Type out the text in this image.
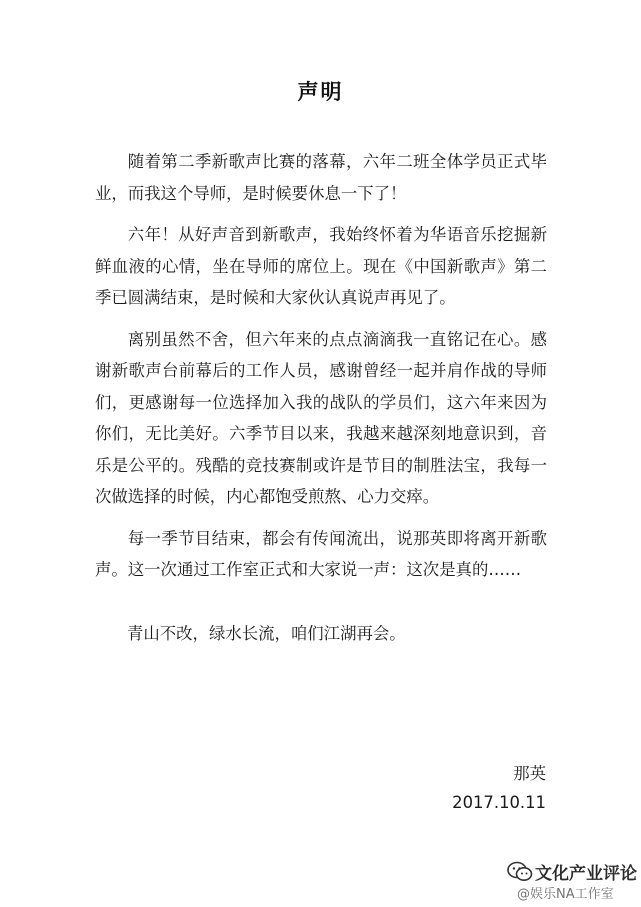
声明

随着第二季新歌声比赛的落幕，六年二班全体学员正式毕业，而我这个导师，是时候要休息一下了！

六年！从好声音到新歌声，我始终怀着为华语音乐挖掘新鲜血液的心情，坐在导师的席位上。现在《中国新歌声》第二季已圆满结束，是时候和大家伙认真说声再见了。

离别虽然不舍，但六年来的点点滴滴我一直铭记在心。感谢新歌声台前幕后的工作人员，感谢曾经一起并肩作战的导师们，更感谢每一位选择加入我的战队的学员们，这六年来因为你们，无比美好。六季节目以来，我越来越深刻地意识到，音乐是公平的。残酷的竞技赛制或许是节目的制胜法宝，我每一次做选择的时候，内心都饱受煎熬、心力交瘁。

每一季节目结束，都会有传闻流出，说那英即将离开新歌声。这一次通过工作室正式和大家说一声：这次是真的……

青山不改，绿水长流，咱们江湖再会。
那英
2017.10.11
文化产业评论
@娱乐NA工作室
